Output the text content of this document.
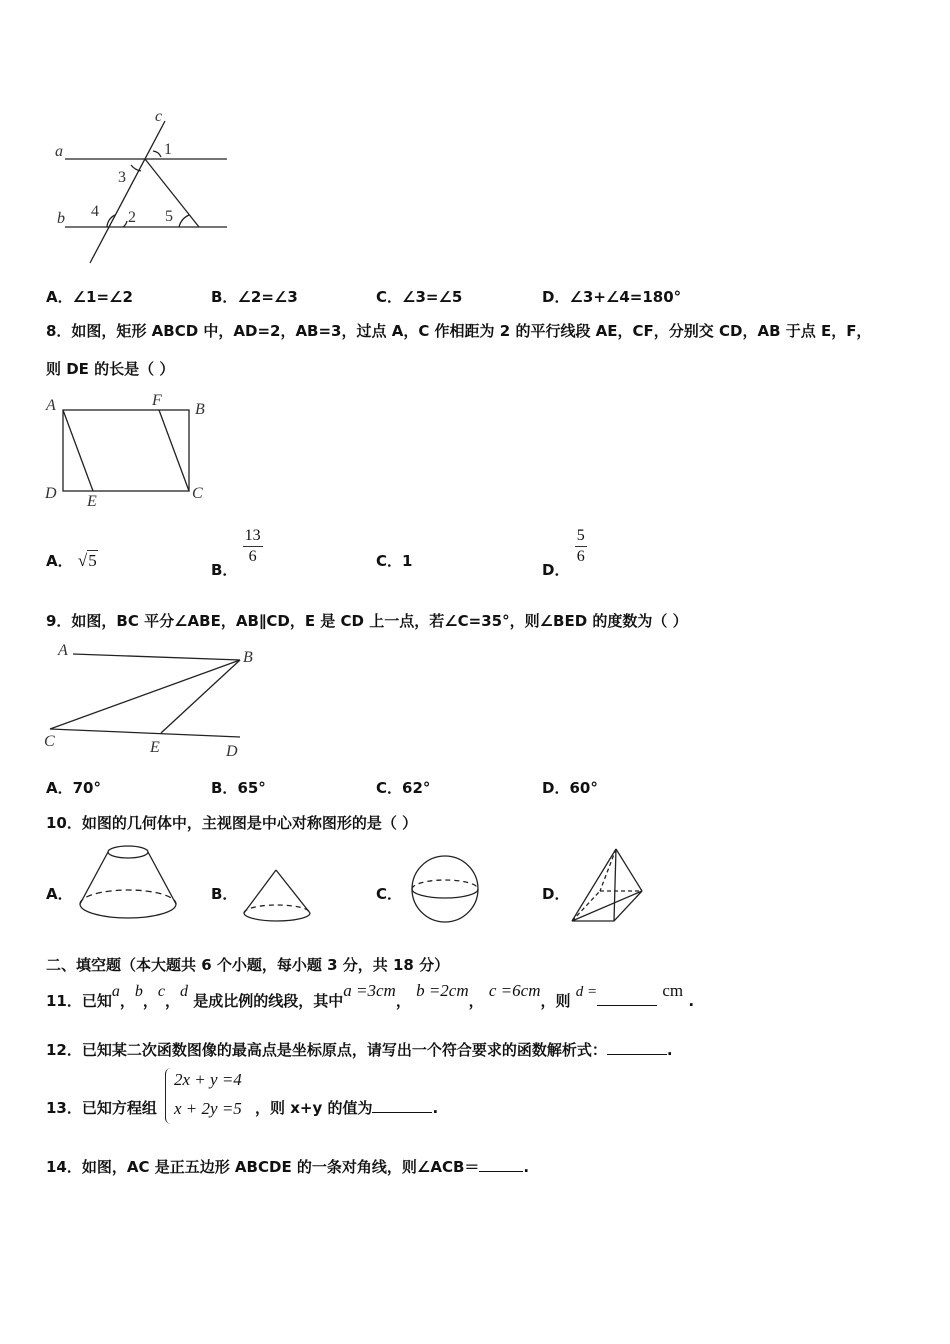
a
b
c
1
2
3
4	5
A．∠1=∠2	B．∠2=∠3	C．∠3=∠5	D．∠3+∠4=180°
8．如图，矩形 ABCD 中，AD=2，AB=3，过点 A，C 作相距为 2 的平行线段 AE，CF，分别交 CD，AB 于点 E，F，
则 DE 的长是（ ）
A	B
C
D E
F
A． √5	B．
$\frac{13}{6}$	C．1	D．
$\frac{5}{6}$
9．如图，BC 平分∠ABE，AB∥CD，E 是 CD 上一点，若∠C=35°，则∠BED 的度数为（ ）
A	B
C
D
E
A．70°	B．65°	C．62°	D．60°
10．如图的几何体中，主视图是中心对称图形的是（ ）
A．	B．	C．	D．
二、填空题（本大题共 6 个小题，每小题 3 分，共 18 分）
11．已知a，b，c，d 是成比例的线段，其中a =3cm， b =2cm， c =6cm，则 d =	cm .
12．已知某二次函数图像的最高点是坐标原点，请写出一个符合要求的函数解析式：	.
13．已知方程组
2x + y =4
x + 2y =5 ，则 x+y 的值为	.
14．如图，AC 是正五边形 ABCDE 的一条对角线，则∠ACB＝	.
